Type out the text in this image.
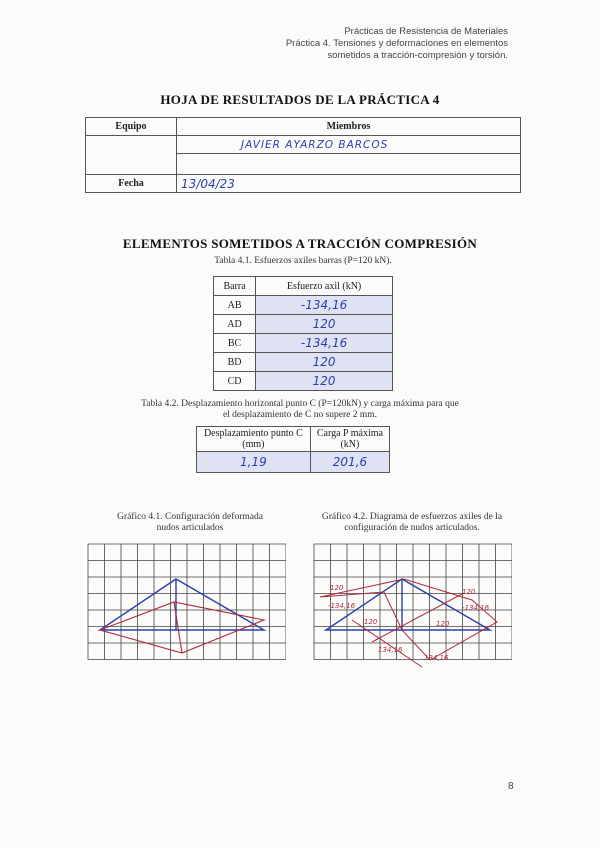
Prácticas de Resistencia de Materiales
Práctica 4. Tensiones y deformaciones en elementos
sometidos a tracción-compresión y torsión.
HOJA DE RESULTADOS DE LA PRÁCTICA 4
Equipo	Miembros
	JAVIER AYARZO BARCOS

Fecha	13/04/23
ELEMENTOS SOMETIDOS A TRACCIÓN COMPRESIÓN
Tabla 4.1. Esfuerzos axiles barras (P=120 kN).
Barra	Esfuerzo axil (kN)
AB	-134,16
AD	120
BC	-134,16
BD	120
CD	120
Tabla 4.2. Desplazamiento horizontal punto C (P=120kN) y carga máxima para que
el desplazamiento de C no supere 2 mm.
Desplazamiento punto C (mm)	Carga P máxima (kN)
1,19	201,6
Gráfico 4.1. Configuración deformada
nudos articulados
Gráfico 4.2. Diagrama de esfuerzos axiles de la
configuración de nudos articulados.
120
-134,16
120
120
-134,16
120
134,16
134,16
8
